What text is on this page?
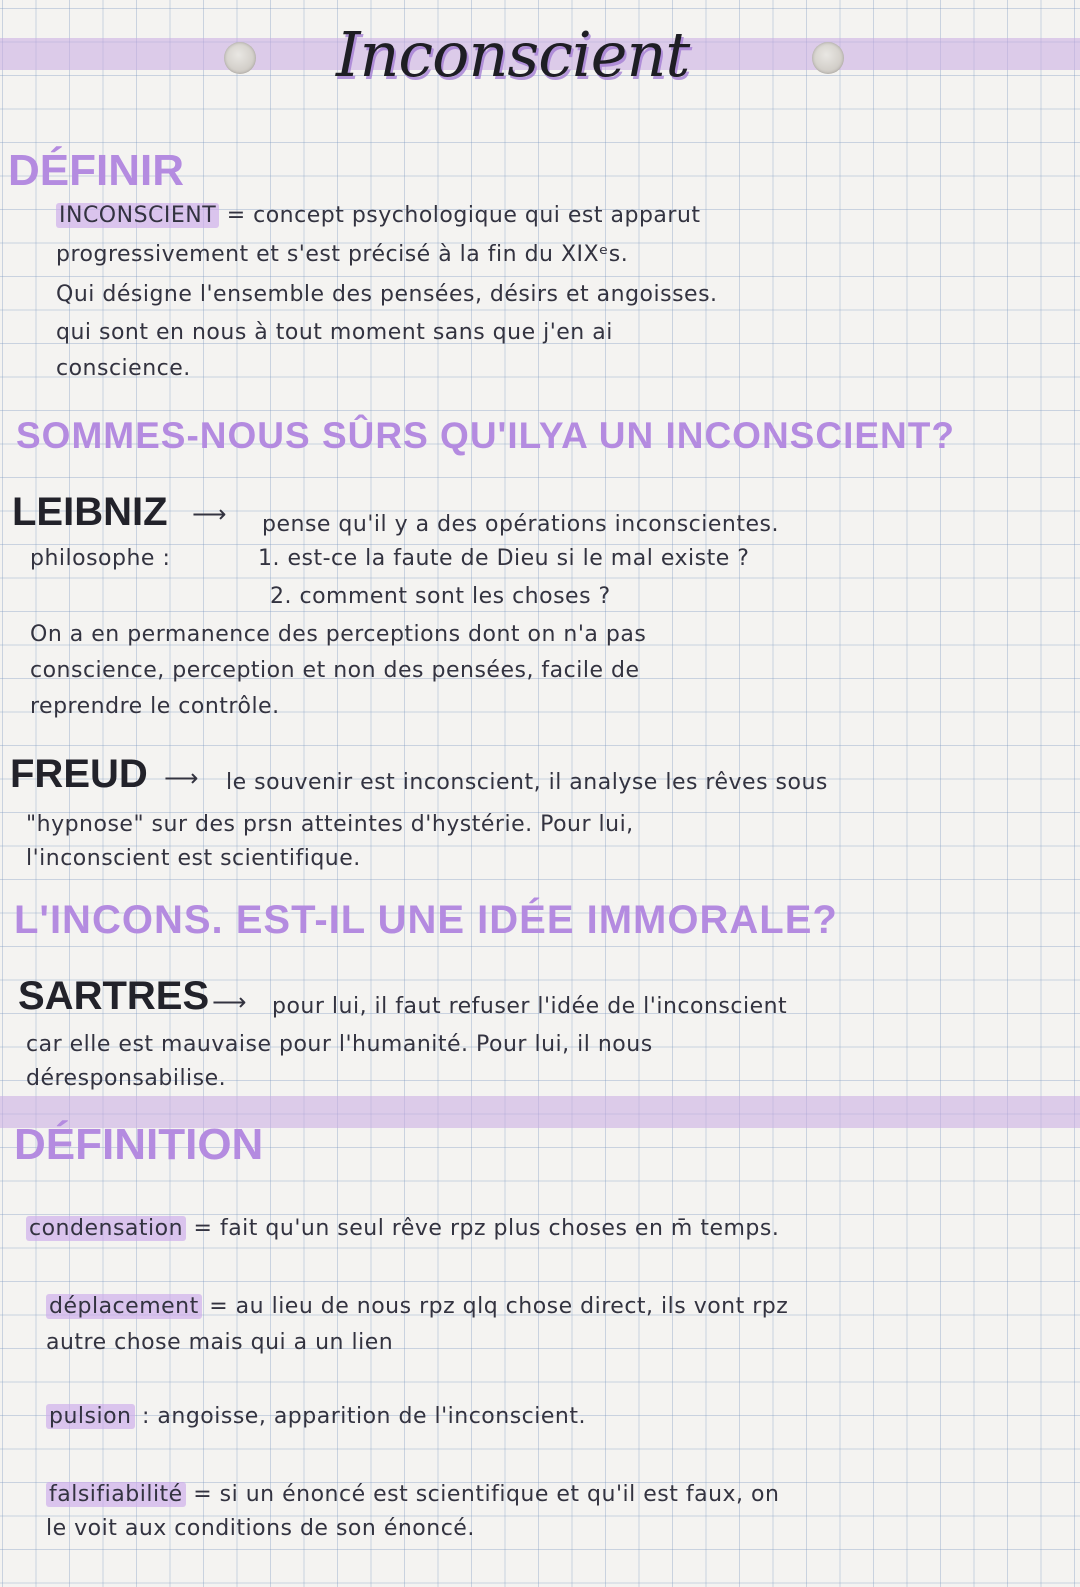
Inconscient
DÉFINIR
INCONSCIENT = concept psychologique qui est apparut
progressivement et s'est précisé à la fin du XIXᵉs.
Qui désigne l'ensemble des pensées, désirs et angoisses.
qui sont en nous à tout moment sans que j'en ai
conscience.
SOMMES-NOUS SÛRS QU'ILYA UN INCONSCIENT?
LEIBNIZ ⟶ pense qu'il y a des opérations inconscientes.
philosophe :	1. est-ce la faute de Dieu si le mal existe ?
2. comment sont les choses ?
On a en permanence des perceptions dont on n'a pas
conscience, perception et non des pensées, facile de
reprendre le contrôle.
FREUD ⟶ le souvenir est inconscient, il analyse les rêves sous
"hypnose" sur des prsn atteintes d'hystérie. Pour lui,
l'inconscient est scientifique.
L'INCONS. EST-IL UNE IDÉE IMMORALE?
SARTRES ⟶ pour lui, il faut refuser l'idée de l'inconscient
car elle est mauvaise pour l'humanité. Pour lui, il nous
déresponsabilise.
DÉFINITION
condensation = fait qu'un seul rêve rpz plus choses en m̄ temps.
déplacement = au lieu de nous rpz qlq chose direct, ils vont rpz
autre chose mais qui a un lien
pulsion : angoisse, apparition de l'inconscient.
falsifiabilité = si un énoncé est scientifique et qu'il est faux, on
le voit aux conditions de son énoncé.
